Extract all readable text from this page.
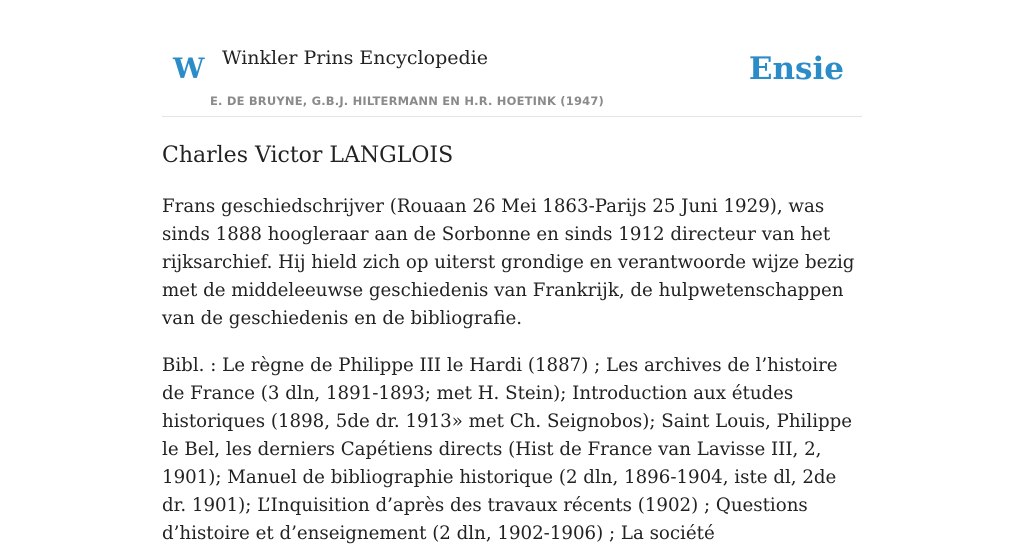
W Winkler Prins Encyclopedie
E. DE BRUYNE, G.B.J. HILTERMANN EN H.R. HOETINK (1947)
Ensie
Charles Victor LANGLOIS

Frans geschiedschrijver (Rouaan 26 Mei 1863-Parijs 25 Juni 1929), was sinds 1888 hoogleraar aan de Sorbonne en sinds 1912 directeur van het rijksarchief. Hij hield zich op uiterst grondige en verantwoorde wijze bezig met de middeleeuwse geschiedenis van Frankrijk, de hulpwetenschappen van de geschiedenis en de bibliografie.

Bibl. : Le règne de Philippe III le Hardi (1887) ; Les archives de l’histoire de France (3 dln, 1891-1893; met H. Stein); Introduction aux études historiques (1898, 5de dr. 1913» met Ch. Seignobos); Saint Louis, Philippe le Bel, les derniers Capétiens directs (Hist de France van Lavisse III, 2, 1901); Manuel de bibliographie historique (2 dln, 1896-1904, iste dl, 2de dr. 1901); L’Inquisition d’après des travaux récents (1902) ; Questions d’histoire et d’enseignement (2 dln, 1902-1906) ; La société
